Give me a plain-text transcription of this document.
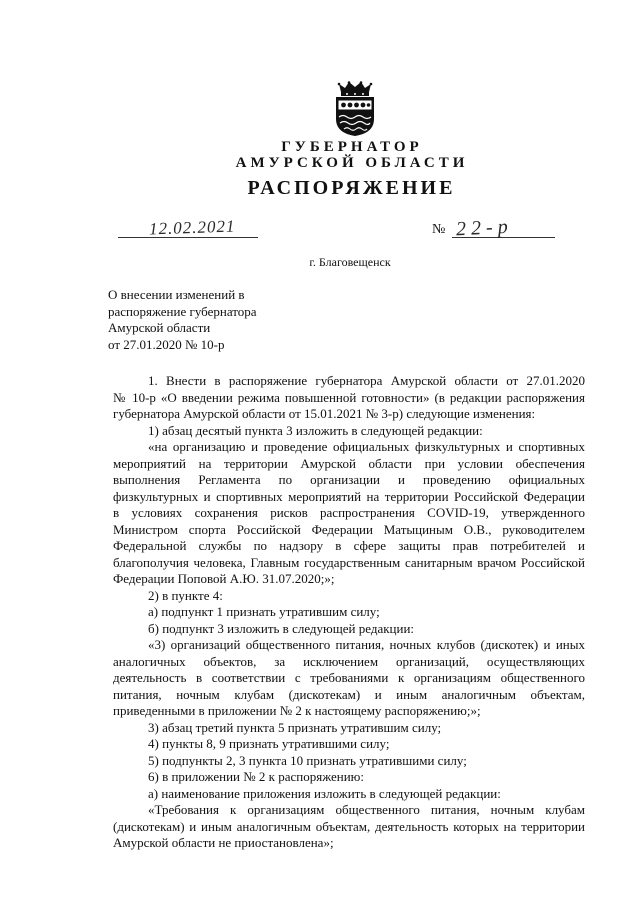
ГУБЕРНАТОР
АМУРСКОЙ ОБЛАСТИ
РАСПОРЯЖЕНИЕ
12.02.2021	№ 22-р
г. Благовещенск
О внесении изменений в
распоряжение губернатора
Амурской области
от 27.01.2020 № 10-р
1. Внести в распоряжение губернатора Амурской области от 27.01.2020
№ 10-р «О введении режима повышенной готовности» (в редакции распоряжения
губернатора Амурской области от 15.01.2021 № 3-р) следующие изменения:
1) абзац десятый пункта 3 изложить в следующей редакции:
«на организацию и проведение официальных физкультурных и спортивных
мероприятий на территории Амурской области при условии обеспечения
выполнения Регламента по организации и проведению официальных
физкультурных и спортивных мероприятий на территории Российской Федерации
в условиях сохранения рисков распространения COVID-19, утвержденного
Министром спорта Российской Федерации Матыциным О.В., руководителем
Федеральной службы по надзору в сфере защиты прав потребителей и
благополучия человека, Главным государственным санитарным врачом Российской
Федерации Поповой А.Ю. 31.07.2020;»;
2) в пункте 4:
а) подпункт 1 признать утратившим силу;
б) подпункт 3 изложить в следующей редакции:
«3) организаций общественного питания, ночных клубов (дискотек) и иных
аналогичных объектов, за исключением организаций, осуществляющих
деятельность в соответствии с требованиями к организациям общественного
питания, ночным клубам (дискотекам) и иным аналогичным объектам,
приведенными в приложении № 2 к настоящему распоряжению;»;
3) абзац третий пункта 5 признать утратившим силу;
4) пункты 8, 9 признать утратившими силу;
5) подпункты 2, 3 пункта 10 признать утратившими силу;
6) в приложении № 2 к распоряжению:
а) наименование приложения изложить в следующей редакции:
«Требования к организациям общественного питания, ночным клубам
(дискотекам) и иным аналогичным объектам, деятельность которых на территории
Амурской области не приостановлена»;
